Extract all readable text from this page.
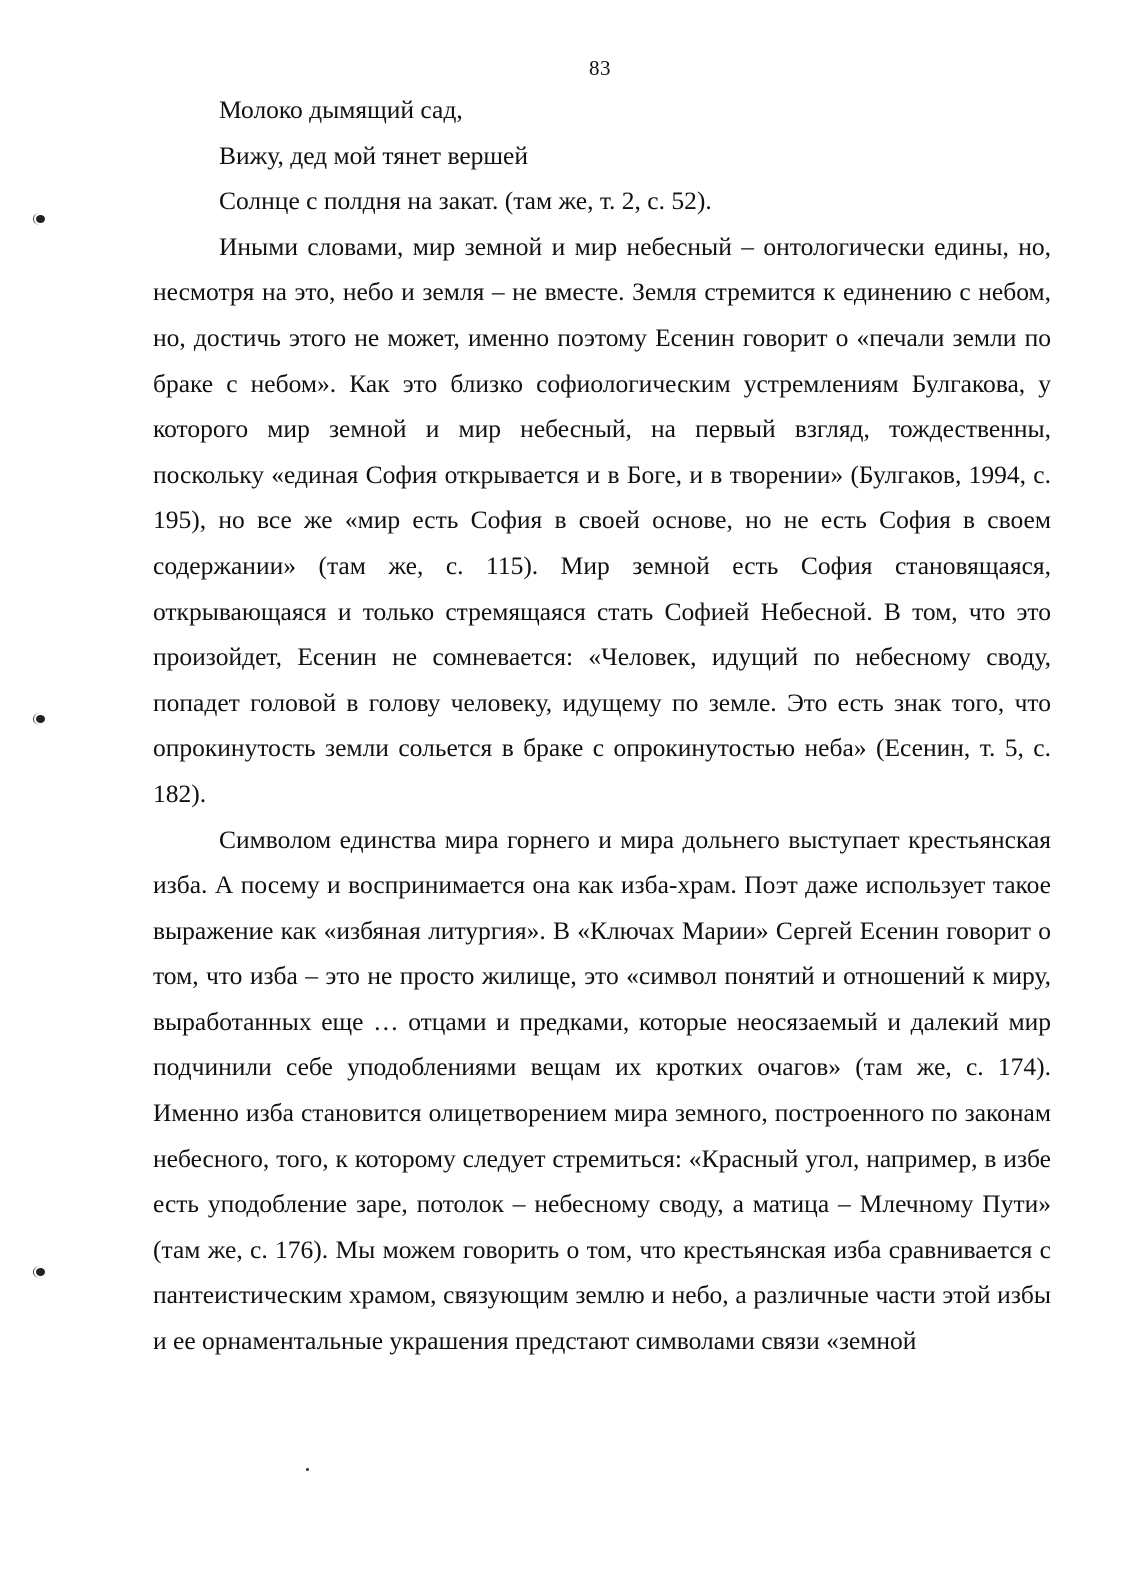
83
Молоко дымящий сад,
Вижу, дед мой тянет вершей
Солнце с полдня на закат. (там же, т. 2, с. 52).

Иными словами, мир земной и мир небесный – онтологически едины, но, несмотря на это, небо и земля – не вместе. Земля стремится к единению с небом, но, достичь этого не может, именно поэтому Есенин говорит о «печали земли по браке с небом». Как это близко софиологическим устремлениям Булгакова, у которого мир земной и мир небесный, на первый взгляд, тождественны, поскольку «единая София открывается и в Боге, и в творении» (Булгаков, 1994, с. 195), но все же «мир есть София в своей основе, но не есть София в своем содержании» (там же, с. 115). Мир земной есть София становящаяся, открывающаяся и только стремящаяся стать Софией Небесной. В том, что это произойдет, Есенин не сомневается: «Человек, идущий по небесному своду, попадет головой в голову человеку, идущему по земле. Это есть знак того, что опрокинутость земли сольется в браке с опрокинутостью неба» (Есенин, т. 5, с. 182).

Символом единства мира горнего и мира дольнего выступает крестьянская изба. А посему и воспринимается она как изба-храм. Поэт даже использует такое выражение как «избяная литургия». В «Ключах Марии» Сергей Есенин говорит о том, что изба – это не просто жилище, это «символ понятий и отношений к миру, выработанных еще … отцами и предками, которые неосязаемый и далекий мир подчинили себе уподоблениями вещам их кротких очагов» (там же, с. 174). Именно изба становится олицетворением мира земного, построенного по законам небесного, того, к которому следует стремиться: «Красный угол, например, в избе есть уподобление заре, потолок – небесному своду, а матица – Млечному Пути» (там же, с. 176). Мы можем говорить о том, что крестьянская изба сравнивается с пантеистическим храмом, связующим землю и небо, а различные части этой избы и ее орнаментальные украшения предстают символами связи «земной
